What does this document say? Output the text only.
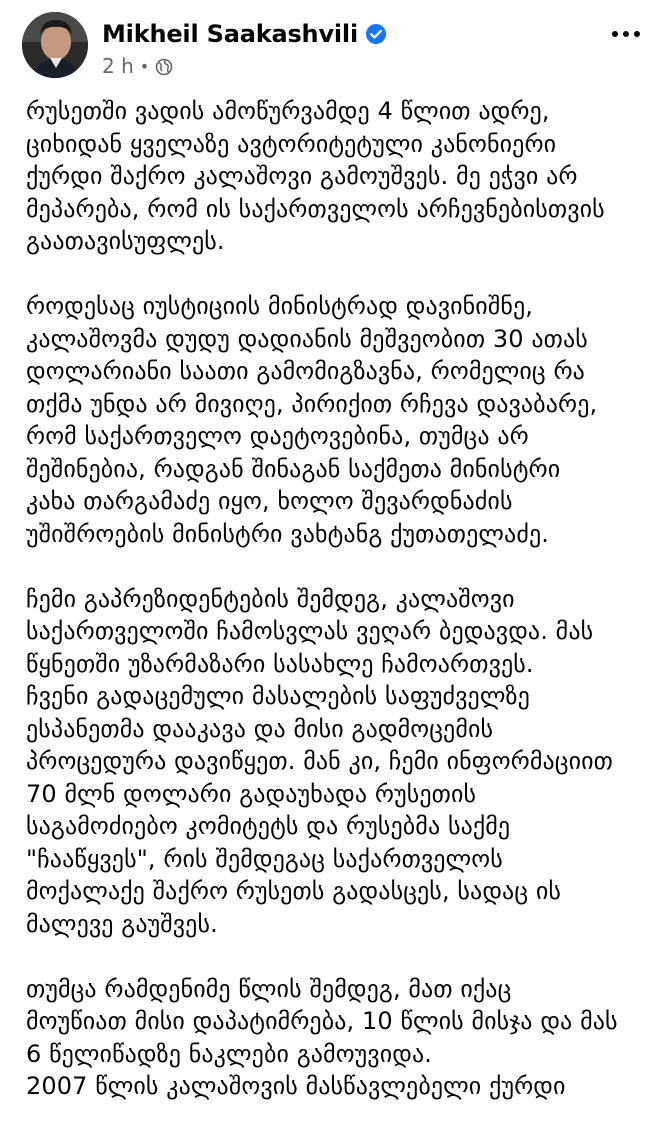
Mikheil Saakashvili
2 h •

რუსეთში ვადის ამოწურვამდე 4 წლით ადრე,
ციხიდან ყველაზე ავტორიტეტული კანონიერი
ქურდი შაქრო კალაშოვი გამოუშვეს. მე ეჭვი არ
მეპარება, რომ ის საქართველოს არჩევნებისთვის
გაათავისუფლეს.

როდესაც იუსტიციის მინისტრად დავინიშნე,
კალაშოვმა დუდუ დადიანის მეშვეობით 30 ათას
დოლარიანი საათი გამომიგზავნა, რომელიც რა
თქმა უნდა არ მივიღე, პირიქით რჩევა დავაბარე,
რომ საქართველო დაეტოვებინა, თუმცა არ
შეშინებია, რადგან შინაგან საქმეთა მინისტრი
კახა თარგამაძე იყო, ხოლო შევარდნაძის
უშიშროების მინისტრი ვახტანგ ქუთათელაძე.

ჩემი გაპრეზიდენტების შემდეგ, კალაშოვი
საქართველოში ჩამოსვლას ვეღარ ბედავდა. მას
წყნეთში უზარმაზარი სასახლე ჩამოართვეს.
ჩვენი გადაცემული მასალების საფუძველზე
ესპანეთმა დააკავა და მისი გადმოცემის
პროცედურა დავიწყეთ. მან კი, ჩემი ინფორმაციით
70 მლნ დოლარი გადაუხადა რუსეთის
საგამოძიებო კომიტეტს და რუსებმა საქმე
"ჩააწყვეს", რის შემდეგაც საქართველოს
მოქალაქე შაქრო რუსეთს გადასცეს, სადაც ის
მალევე გაუშვეს.

თუმცა რამდენიმე წლის შემდეგ, მათ იქაც
მოუწიათ მისი დაპატიმრება, 10 წლის მისჯა და მას
6 წელიწადზე ნაკლები გამოუვიდა.
2007 წლის კალაშოვის მასწავლებელი ქურდი
